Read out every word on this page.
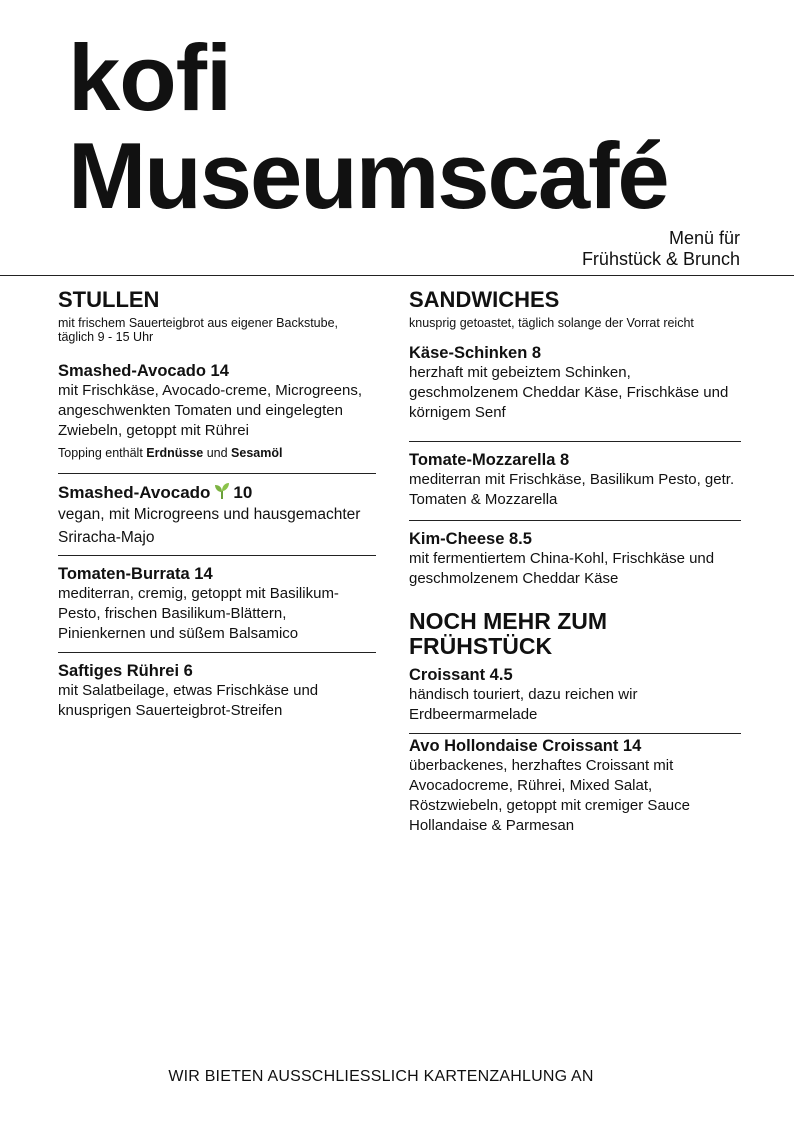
kofi
Museumscafé
Menü für
Frühstück & Brunch
STULLEN

mit frischem Sauerteigbrot aus eigener Backstube, täglich 9 - 15 Uhr

Smashed-Avocado 14

mit Frischkäse, Avocado-creme, Microgreens, angeschwenkten Tomaten und eingelegten Zwiebeln, getoppt mit Rührei

Topping enthält Erdnüsse und Sesamöl

Smashed-Avocado 10

vegan, mit Microgreens und hausgemachter Sriracha-Majo

Tomaten-Burrata 14

mediterran, cremig, getoppt mit Basilikum-Pesto, frischen Basilikum-Blättern, Pinienkernen und süßem Balsamico

Saftiges Rührei 6

mit Salatbeilage, etwas Frischkäse und knusprigen Sauerteigbrot-Streifen

SANDWICHES

knusprig getoastet, täglich solange der Vorrat reicht

Käse-Schinken 8

herzhaft mit gebeiztem Schinken, geschmolzenem Cheddar Käse, Frischkäse und körnigem Senf

Tomate-Mozzarella 8

mediterran mit Frischkäse, Basilikum Pesto, getr. Tomaten & Mozzarella

Kim-Cheese 8.5

mit fermentiertem China-Kohl, Frischkäse und geschmolzenem Cheddar Käse

NOCH MEHR ZUM FRÜHSTÜCK

Croissant 4.5

händisch touriert, dazu reichen wir Erdbeermarmelade

Avo Hollondaise Croissant 14

überbackenes, herzhaftes Croissant mit Avocadocreme, Rührei, Mixed Salat, Röstzwiebeln, getoppt mit cremiger Sauce Hollandaise & Parmesan

WIR BIETEN AUSSCHLIESSLICH KARTENZAHLUNG AN
